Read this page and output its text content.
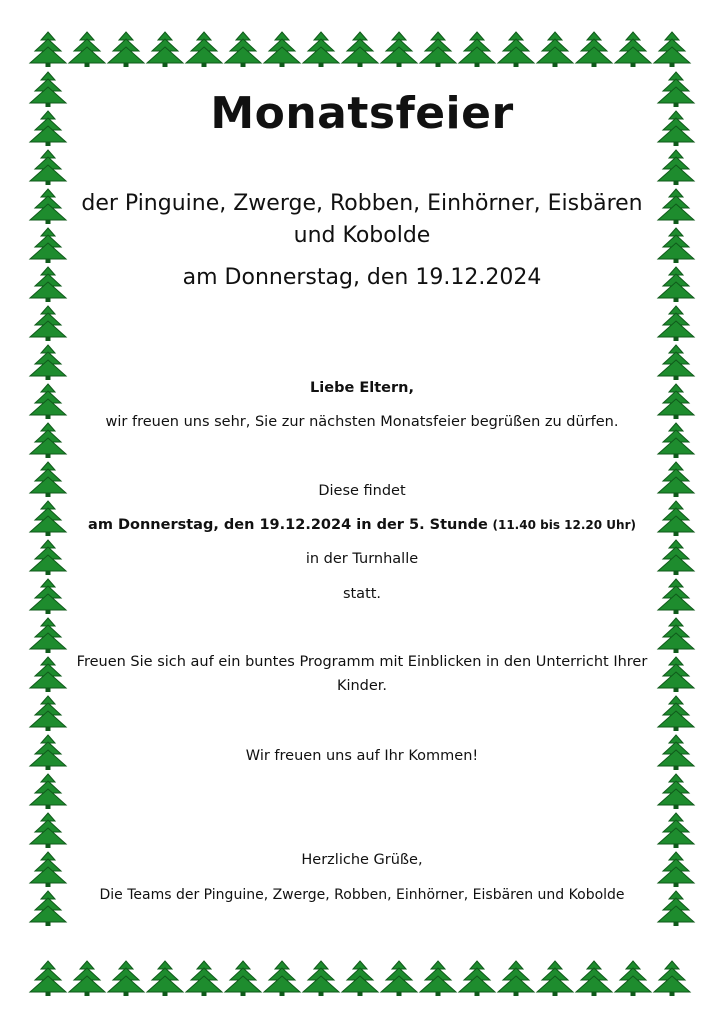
Monatsfeier
der Pinguine, Zwerge, Robben, Einhörner, Eisbären und Kobolde
am Donnerstag, den 19.12.2024
Liebe Eltern,
wir freuen uns sehr, Sie zur nächsten Monatsfeier begrüßen zu dürfen.
Diese findet
am Donnerstag, den 19.12.2024 in der 5. Stunde (11.40 bis 12.20 Uhr)
in der Turnhalle
statt.
Freuen Sie sich auf ein buntes Programm mit Einblicken in den Unterricht Ihrer Kinder.
Wir freuen uns auf Ihr Kommen!
Herzliche Grüße,
Die Teams der Pinguine, Zwerge, Robben, Einhörner, Eisbären und Kobolde
